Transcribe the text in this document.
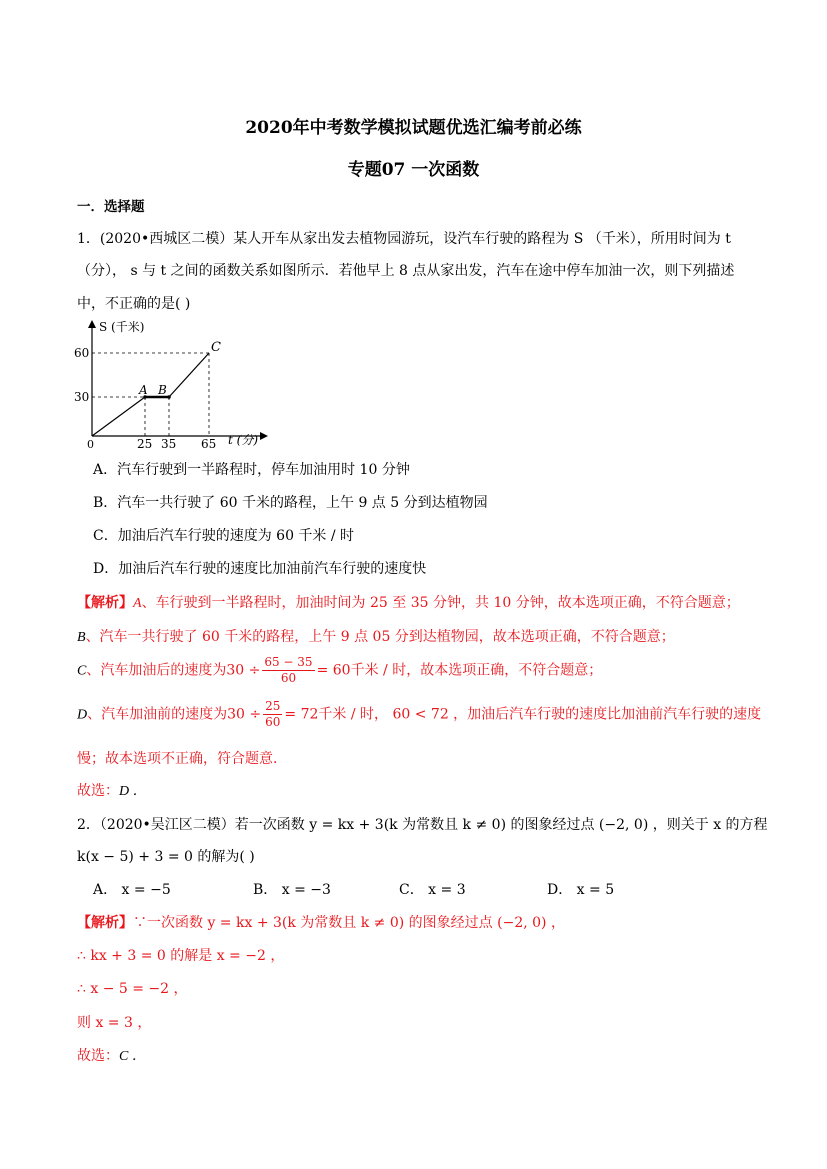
2020年中考数学模拟试题优选汇编考前必练
专题07 一次函数
一．选择题
1．(2020•西城区二模）某人开车从家出发去植物园游玩，设汽车行驶的路程为 S （千米），所用时间为 t
（分）， s 与 t 之间的函数关系如图所示．若他早上 8 点从家出发，汽车在途中停车加油一次，则下列描述
中，不正确的是( )
S (千米)
t (分)
0
30
60
25 35 65
A B
C
A．汽车行驶到一半路程时，停车加油用时 10 分钟
B．汽车一共行驶了 60 千米的路程，上午 9 点 5 分到达植物园
C．加油后汽车行驶的速度为 60 千米 / 时
D．加油后汽车行驶的速度比加油前汽车行驶的速度快
【解析】A、车行驶到一半路程时，加油时间为 25 至 35 分钟，共 10 分钟，故本选项正确，不符合题意；
B、汽车一共行驶了 60 千米的路程，上午 9 点 05 分到达植物园，故本选项正确，不符合题意；
C、汽车加油后的速度为$30 \div \frac{65 - 35}{60} = 60$千米 / 时，故本选项正确，不符合题意；
D、汽车加油前的速度为$30 \div \frac{25}{60} = 72$千米 / 时， 60 < 72 ，加油后汽车行驶的速度比加油前汽车行驶的速度
慢；故本选项不正确，符合题意．
故选：D ．
2．（2020•吴江区二模）若一次函数 y = kx + 3(k 为常数且 k ≠ 0) 的图象经过点 (−2, 0) ，则关于 x 的方程
k(x − 5) + 3 = 0 的解为( )
A． x = −5	B． x = −3	C． x = 3	D． x = 5
【解析】∵一次函数 y = kx + 3(k 为常数且 k ≠ 0) 的图象经过点 (−2, 0) ，
∴ kx + 3 = 0 的解是 x = −2 ，
∴ x − 5 = −2 ，
则 x = 3 ，
故选：C ．
